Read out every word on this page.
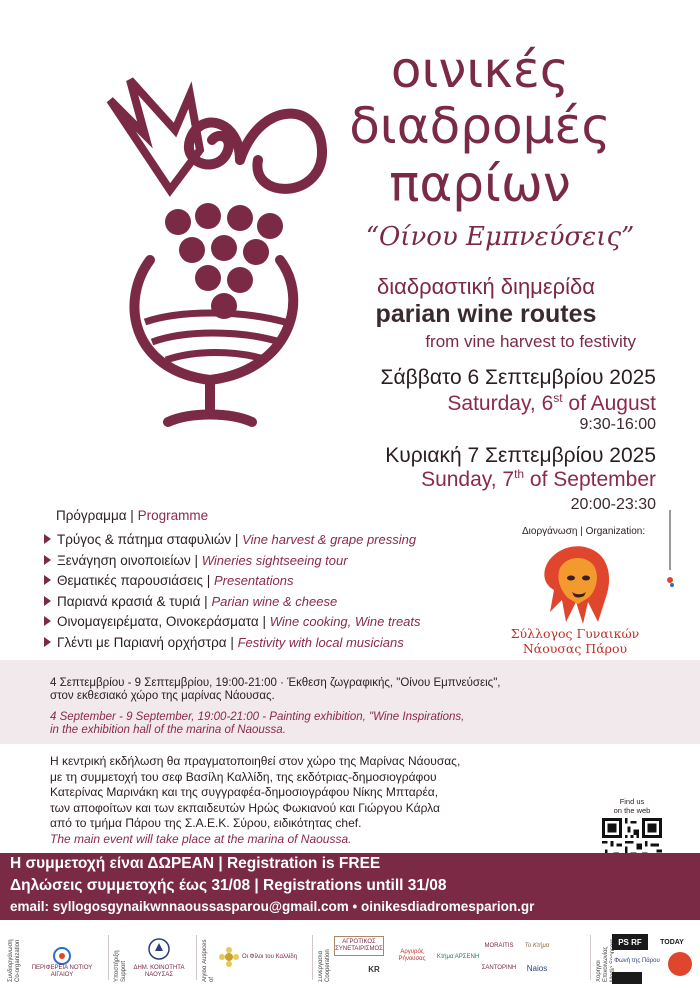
οινικές
διαδρομές
παρίων
“Οίνου Εμπνεύσεις”
διαδραστική διημερίδα
parian wine routes
from vine harvest to festivity
Σάββατο 6 Σεπτεμβρίου 2025
Saturday, 6st of August
9:30-16:00
Κυριακή 7 Σεπτεμβρίου 2025
Sunday, 7th of September
20:00-23:30
Πρόγραμμα | Programme
Τρύγος & πάτημα σταφυλιών | Vine harvest & grape pressing
Ξενάγηση οινοποιείων | Wineries sightseeing tour
Θεματικές παρουσιάσεις | Presentations
Παριανά κρασιά & τυριά | Parian wine & cheese
Οινομαγειρέματα, Οινοκεράσματα | Wine cooking, Wine treats
Γλέντι με Παριανή ορχήστρα | Festivity with local musicians
Διοργάνωση | Organization:
Σύλλογος Γυναικών
Νάουσας Πάρου
4 Σεπτεμβρίου - 9 Σεπτεμβρίου, 19:00-21:00 · Έκθεση ζωγραφικής, "Οίνου Εμπνεύσεις",
στον εκθεσιακό χώρο της μαρίνας Νάουσας.
4 September - 9 September, 19:00-21:00 - Painting exhibition, "Wine Inspirations,
in the exhibition hall of the marina of Naoussa.
Η κεντρική εκδήλωση θα πραγματοποιηθεί στον χώρο της Μαρίνας Νάουσας,
με τη συμμετοχή του σεφ Βασίλη Καλλίδη, της εκδότριας-δημοσιογράφου
Κατερίνας Μαρινάκη και της συγγραφέα-δημοσιογράφου Νίκης Μπταρέα,
των αποφοίτων και των εκπαιδευτών Ηρώς Φωκιανού και Γιώργου Κάρλα
από το τμήμα Πάρου της Σ.Α.Ε.Κ. Σύρου, ειδικότητας chef.
The main event will take place at the marina of Naoussa.
Find us
on the web
Η συμμετοχή είναι ΔΩΡΕΑΝ | Registration is FREE
Δηλώσεις συμμετοχής έως 31/08 | Registrations untill 31/08
email: syllogosgynaikwnnaoussasparou@gmail.com • oinikesdiadromesparion.gr
Συνδιοργάνωση Co-organization	ΠΕΡΙΦΕΡΕΙΑ ΝΟΤΙΟΥ ΑΙΓΑΙΟΥ	Υποστήριξη Support	ΔΗΜ. ΚΟΙΝΟΤΗΤΑ ΝΑΟΥΣΑΣ	Αιγίδα Auspices of
Οι Φίλοι του Καλλίδη	Συνεργασία Cooperation
ΑΓΡΟΤΙΚΟΣ ΣΥΝΕΤΑΙΡΙΣΜΟΣ
KR
Αργυρός Ρήνουσας	Κτήμα ΑΡΣΕΝΗ
MORAITIS
ΣΑΝΤΟΡΙΝΗ
Το Κτήμα
Naios	Χορηγοί Επικοινωνίας Sponsors PS RF	TODAY
Φωνή της Πάρου
